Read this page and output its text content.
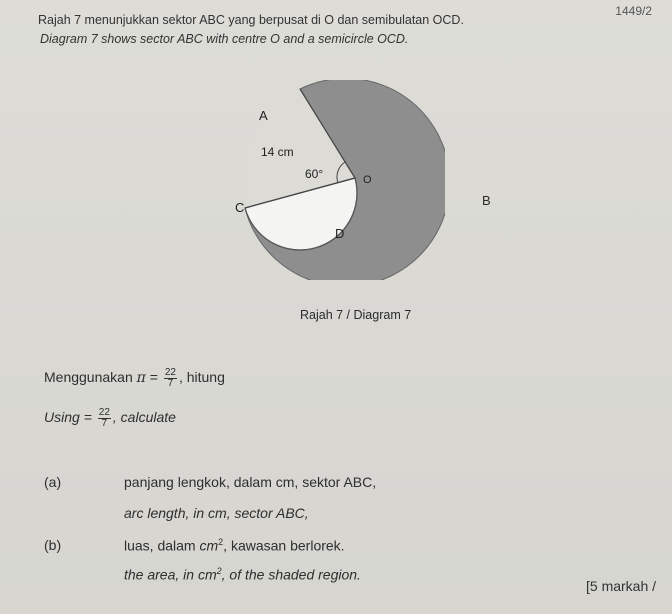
1449/2
Rajah 7 menunjukkan sektor ABC yang berpusat di O dan semibulatan OCD.
Diagram 7 shows sector ABC with centre O and a semicircle OCD.
A
14 cm
60°	O
C
D
B
Rajah 7 / Diagram 7
Menggunakan $\pi = \frac{22}{7}$ , hitung
$Using = \frac{22}{7}$ , calculate
(a)	panjang lengkok, dalam cm, sektor ABC,
arc length, in cm, sector ABC,
(b)	luas, dalam $cm^2$, kawasan berlorek.
the area, in $cm^2$, of the shaded region.
[5 markah /
